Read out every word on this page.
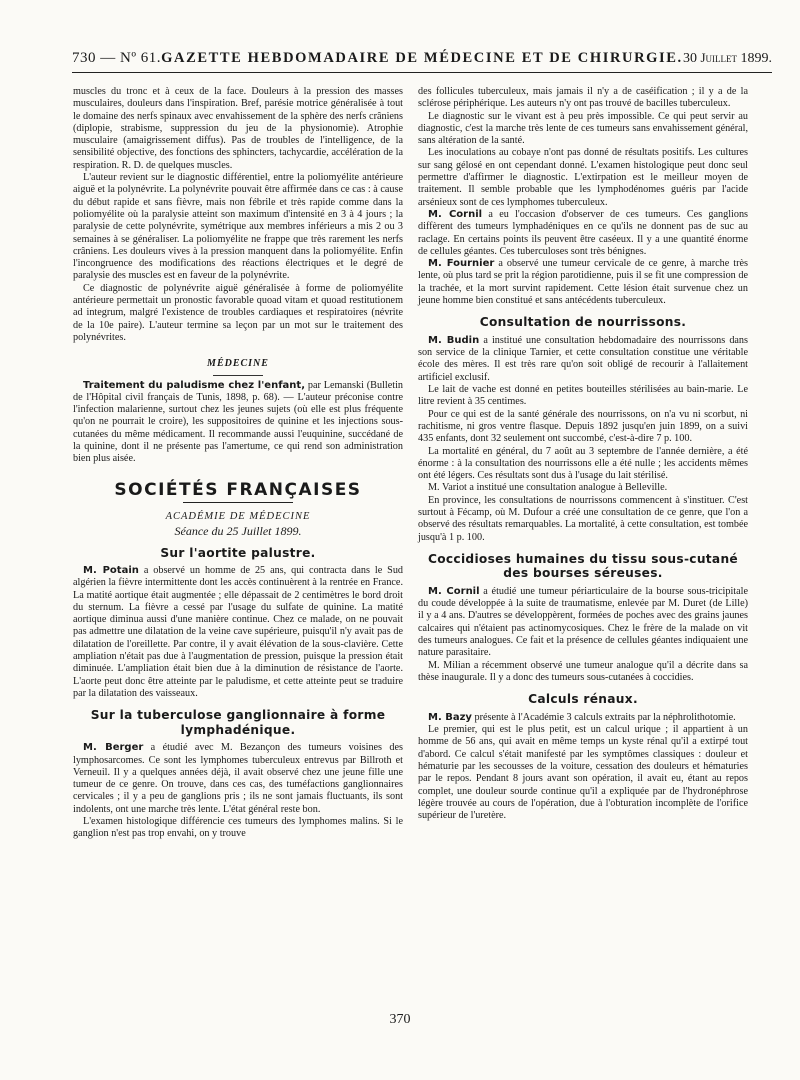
730 — Nº 61. GAZETTE HEBDOMADAIRE DE MÉDECINE ET DE CHIRURGIE. 30 Juillet 1899.

muscles du tronc et à ceux de la face. Douleurs à la pression des masses musculaires, douleurs dans l'inspiration. Bref, parésie motrice généralisée à tout le domaine des nerfs spinaux avec envahissement de la sphère des nerfs crâniens (diplopie, strabisme, suppression du jeu de la physionomie). Atrophie musculaire (amaigrissement diffus). Pas de troubles de l'intelligence, de la sensibilité objective, des fonctions des sphincters, tachycardie, accélération de la respiration. R. D. de quelques muscles.

L'auteur revient sur le diagnostic différentiel, entre la poliomyélite antérieure aiguë et la polynévrite. La polynévrite pouvait être affirmée dans ce cas : à cause du début rapide et sans fièvre, mais non fébrile et très rapide comme dans la poliomyélite où la paralysie atteint son maximum d'intensité en 3 à 4 jours ; la paralysie de cette polynévrite, symétrique aux membres inférieurs a mis 2 ou 3 semaines à se généraliser. La poliomyélite ne frappe que très rarement les nerfs crâniens. Les douleurs vives à la pression manquent dans la poliomyélite. Enfin l'incongruence des modifications des réactions électriques et le degré de paralysie des muscles est en faveur de la polynévrite.

Ce diagnostic de polynévrite aiguë généralisée à forme de poliomyélite antérieure permettait un pronostic favorable quoad vitam et quoad restitutionem ad integrum, malgré l'existence de troubles cardiaques et respiratoires (névrite de la 10e paire). L'auteur termine sa leçon par un mot sur le traitement des polynévrites.

MÉDECINE

Traitement du paludisme chez l'enfant, par Lemanski (Bulletin de l'Hôpital civil français de Tunis, 1898, p. 68). — L'auteur préconise contre l'infection malarienne, surtout chez les jeunes sujets (où elle est plus fréquente qu'on ne pourrait le croire), les suppositoires de quinine et les injections sous-cutanées du même médicament. Il recommande aussi l'euquinine, succédané de la quinine, dont il ne présente pas l'amertume, ce qui rend son administration bien plus aisée.

SOCIÉTÉS FRANÇAISES
ACADÉMIE DE MÉDECINE
Séance du 25 Juillet 1899.
Sur l'aortite palustre.

M. Potain a observé un homme de 25 ans, qui contracta dans le Sud algérien la fièvre intermittente dont les accès continuèrent à la rentrée en France. La matité aortique était augmentée ; elle dépassait de 2 centimètres le bord droit du sternum. La fièvre a cessé par l'usage du sulfate de quinine. La matité aortique diminua aussi d'une manière continue. Chez ce malade, on ne pouvait pas admettre une dilatation de la veine cave supérieure, puisqu'il n'y avait pas de dilatation de l'oreillette. Par contre, il y avait élévation de la sous-clavière. Cette ampliation n'était pas due à l'augmentation de pression, puisque la pression était diminuée. L'ampliation était bien due à la diminution de résistance de l'aorte. L'aorte peut donc être atteinte par le paludisme, et cette atteinte peut se traduire par la dilatation des vaisseaux.

Sur la tuberculose ganglionnaire à forme lymphadénique.

M. Berger a étudié avec M. Bezançon des tumeurs voisines des lymphosarcomes. Ce sont les lymphomes tuberculeux entrevus par Billroth et Verneuil. Il y a quelques années déjà, il avait observé chez une jeune fille une tumeur de ce genre. On trouve, dans ces cas, des tuméfactions ganglionnaires cervicales ; il y a peu de ganglions pris ; ils ne sont jamais fluctuants, ils sont indolents, ont une marche très lente. L'état général reste bon.

L'examen histologique différencie ces tumeurs des lymphomes malins. Si le ganglion n'est pas trop envahi, on y trouve

des follicules tuberculeux, mais jamais il n'y a de caséification ; il y a de la sclérose périphérique. Les auteurs n'y ont pas trouvé de bacilles tuberculeux.

Le diagnostic sur le vivant est à peu près impossible. Ce qui peut servir au diagnostic, c'est la marche très lente de ces tumeurs sans envahissement général, sans altération de la santé.

Les inoculations au cobaye n'ont pas donné de résultats positifs. Les cultures sur sang gélosé en ont cependant donné. L'examen histologique peut donc seul permettre d'affirmer le diagnostic. L'extirpation est le meilleur moyen de traitement. Il semble probable que les lymphodénomes guéris par l'acide arsénieux sont de ces lymphomes tuberculeux.

M. Cornil a eu l'occasion d'observer de ces tumeurs. Ces ganglions diffèrent des tumeurs lymphadéniques en ce qu'ils ne donnent pas de suc au raclage. En certains points ils peuvent être caséeux. Il y a une quantité énorme de cellules géantes. Ces tuberculoses sont très bénignes.

M. Fournier a observé une tumeur cervicale de ce genre, à marche très lente, où plus tard se prit la région parotidienne, puis il se fit une compression de la trachée, et la mort survint rapidement. Cette lésion était survenue chez un jeune homme bien constitué et sans antécédents tuberculeux.

Consultation de nourrissons.

M. Budin a institué une consultation hebdomadaire des nourrissons dans son service de la clinique Tarnier, et cette consultation constitue une véritable école des mères. Il est très rare qu'on soit obligé de recourir à l'allaitement artificiel exclusif.

Le lait de vache est donné en petites bouteilles stérilisées au bain-marie. Le litre revient à 35 centimes.

Pour ce qui est de la santé générale des nourrissons, on n'a vu ni scorbut, ni rachitisme, ni gros ventre flasque. Depuis 1892 jusqu'en juin 1899, on a suivi 435 enfants, dont 32 seulement ont succombé, c'est-à-dire 7 p. 100.

La mortalité en général, du 7 août au 3 septembre de l'année dernière, a été énorme : à la consultation des nourrissons elle a été nulle ; les accidents mêmes ont été légers. Ces résultats sont dus à l'usage du lait stérilisé.

M. Variot a institué une consultation analogue à Belleville.

En province, les consultations de nourrissons commencent à s'instituer. C'est surtout à Fécamp, où M. Dufour a créé une consultation de ce genre, que l'on a observé des résultats remarquables. La mortalité, à cette consultation, est tombée jusqu'à 1 p. 100.

Coccidioses humaines du tissu sous-cutané des bourses séreuses.

M. Cornil a étudié une tumeur périarticulaire de la bourse sous-tricipitale du coude développée à la suite de traumatisme, enlevée par M. Duret (de Lille) il y a 4 ans. D'autres se développèrent, formées de poches avec des grains jaunes calcaires qui n'étaient pas actinomycosiques. Chez le frère de la malade on vit des tumeurs analogues. Ce fait et la présence de cellules géantes indiquaient une nature parasitaire.

M. Milian a récemment observé une tumeur analogue qu'il a décrite dans sa thèse inaugurale. Il y a donc des tumeurs sous-cutanées à coccidies.

Calculs rénaux.

M. Bazy présente à l'Académie 3 calculs extraits par la néphrolithotomie.

Le premier, qui est le plus petit, est un calcul urique ; il appartient à un homme de 56 ans, qui avait en même temps un kyste rénal qu'il a extirpé tout d'abord. Ce calcul s'était manifesté par les symptômes classiques : douleur et hématurie par les secousses de la voiture, cessation des douleurs et hématuries par le repos. Pendant 8 jours avant son opération, il avait eu, étant au repos complet, une douleur sourde continue qu'il a expliquée par de l'hydronéphrose légère trouvée au cours de l'opération, due à l'obturation incomplète de l'orifice supérieur de l'uretère.

370
